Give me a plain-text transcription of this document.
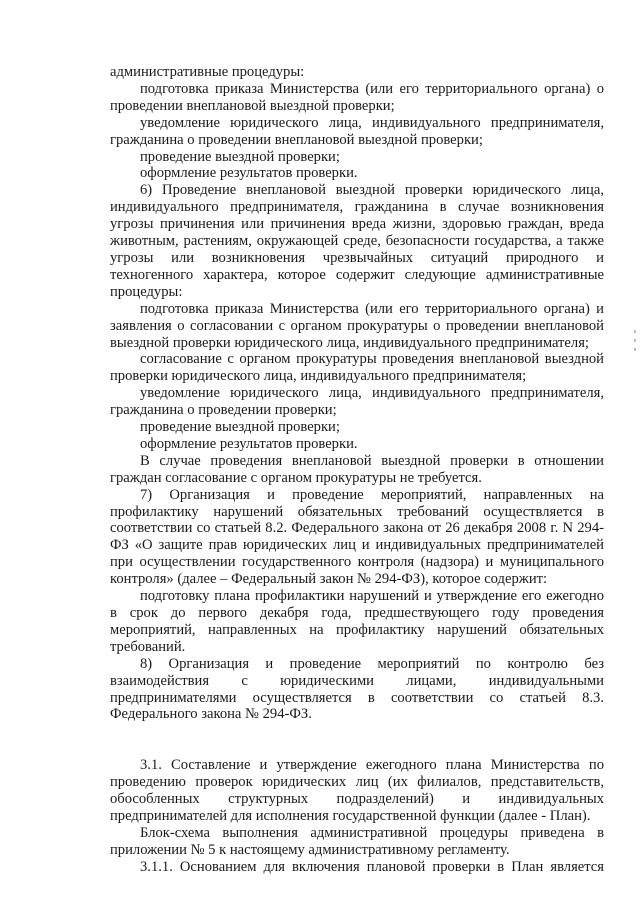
административные процедуры:

подготовка приказа Министерства (или его территориального органа) о проведении внеплановой выездной проверки;

уведомление юридического лица, индивидуального предпринимателя, гражданина о проведении внеплановой выездной проверки;

проведение выездной проверки;

оформление результатов проверки.

6) Проведение внеплановой выездной проверки юридического лица, индивидуального предпринимателя, гражданина в случае возникновения угрозы причинения или причинения вреда жизни, здоровью граждан, вреда животным, растениям, окружающей среде, безопасности государства, а также угрозы или возникновения чрезвычайных ситуаций природного и техногенного характера, которое содержит следующие административные процедуры:

подготовка приказа Министерства (или его территориального органа) и заявления о согласовании с органом прокуратуры о проведении внеплановой выездной проверки юридического лица, индивидуального предпринимателя;

согласование с органом прокуратуры проведения внеплановой выездной проверки юридического лица, индивидуального предпринимателя;

уведомление юридического лица, индивидуального предпринимателя, гражданина о проведении проверки;

проведение выездной проверки;

оформление результатов проверки.

В случае проведения внеплановой выездной проверки в отношении граждан согласование с органом прокуратуры не требуется.

7) Организация и проведение мероприятий, направленных на профилактику нарушений обязательных требований осуществляется в соответствии со статьей 8.2. Федерального закона от 26 декабря 2008 г. N 294-ФЗ «О защите прав юридических лиц и индивидуальных предпринимателей при осуществлении государственного контроля (надзора) и муниципального контроля» (далее – Федеральный закон № 294-ФЗ), которое содержит:

подготовку плана профилактики нарушений и утверждение его ежегодно в срок до первого декабря года, предшествующего году проведения мероприятий, направленных на профилактику нарушений обязательных требований.

8) Организация и проведение мероприятий по контролю без взаимодействия с юридическими лицами, индивидуальными предпринимателями осуществляется в соответствии со статьей 8.3. Федерального закона № 294-ФЗ.

3.1. Составление и утверждение ежегодного плана Министерства по проведению проверок юридических лиц (их филиалов, представительств, обособленных структурных подразделений) и индивидуальных предпринимателей для исполнения государственной функции (далее - План).

Блок-схема выполнения административной процедуры приведена в приложении № 5 к настоящему административному регламенту.

3.1.1. Основанием для включения плановой проверки в План является
